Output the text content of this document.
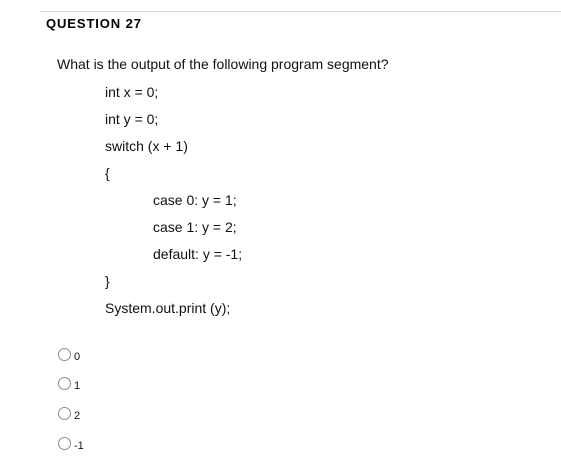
QUESTION 27
What is the output of the following program segment?
int x = 0;
int y = 0;
switch (x + 1)
{
case 0: y = 1;
case 1: y = 2;
default: y = -1;
}
System.out.print (y);
0
1
2
-1
